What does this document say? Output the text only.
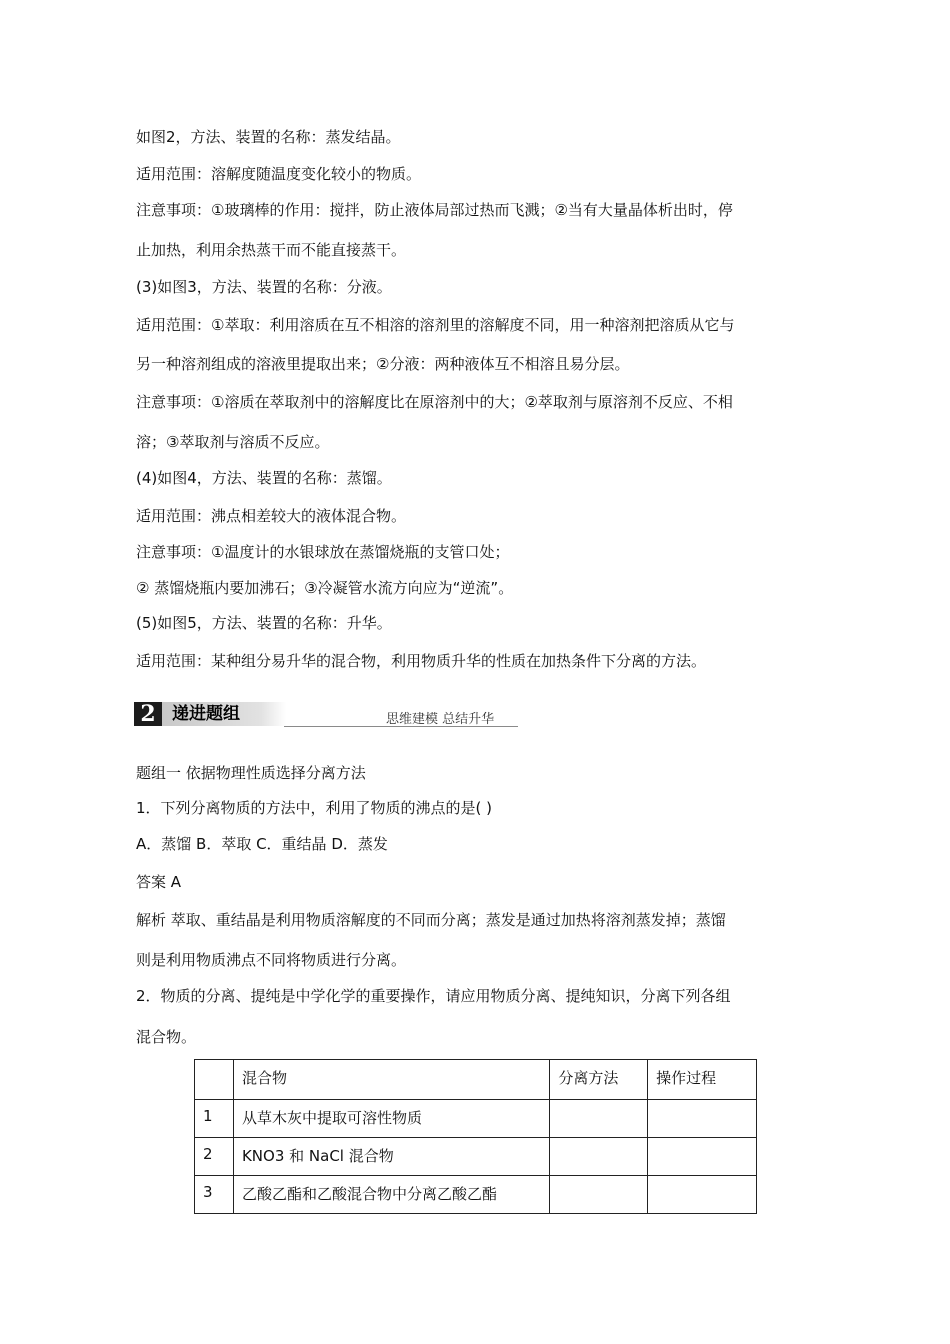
如图2，方法、装置的名称：蒸发结晶。
适用范围：溶解度随温度变化较小的物质。
注意事项：①玻璃棒的作用：搅拌，防止液体局部过热而飞溅；②当有大量晶体析出时，停
止加热，利用余热蒸干而不能直接蒸干。
(3)如图3，方法、装置的名称：分液。
适用范围：①萃取：利用溶质在互不相溶的溶剂里的溶解度不同，用一种溶剂把溶质从它与
另一种溶剂组成的溶液里提取出来；②分液：两种液体互不相溶且易分层。
注意事项：①溶质在萃取剂中的溶解度比在原溶剂中的大；②萃取剂与原溶剂不反应、不相
溶；③萃取剂与溶质不反应。
(4)如图4，方法、装置的名称：蒸馏。
适用范围：沸点相差较大的液体混合物。
注意事项：①温度计的水银球放在蒸馏烧瓶的支管口处；
② 蒸馏烧瓶内要加沸石；③冷凝管水流方向应为“逆流”。
(5)如图5，方法、装置的名称：升华。
适用范围：某种组分易升华的混合物，利用物质升华的性质在加热条件下分离的方法。
2 递进题组	思维建模 总结升华
题组一 依据物理性质选择分离方法
1．下列分离物质的方法中，利用了物质的沸点的是( )
A．蒸馏 B．萃取 C．重结晶 D．蒸发
答案 A
解析 萃取、重结晶是利用物质溶解度的不同而分离；蒸发是通过加热将溶剂蒸发掉；蒸馏
则是利用物质沸点不同将物质进行分离。
2．物质的分离、提纯是中学化学的重要操作，请应用物质分离、提纯知识，分离下列各组
混合物。
	混合物	分离方法	操作过程
1	从草木灰中提取可溶性物质		
2	KNO3 和 NaCl 混合物		
3	乙酸乙酯和乙酸混合物中分离乙酸乙酯		
